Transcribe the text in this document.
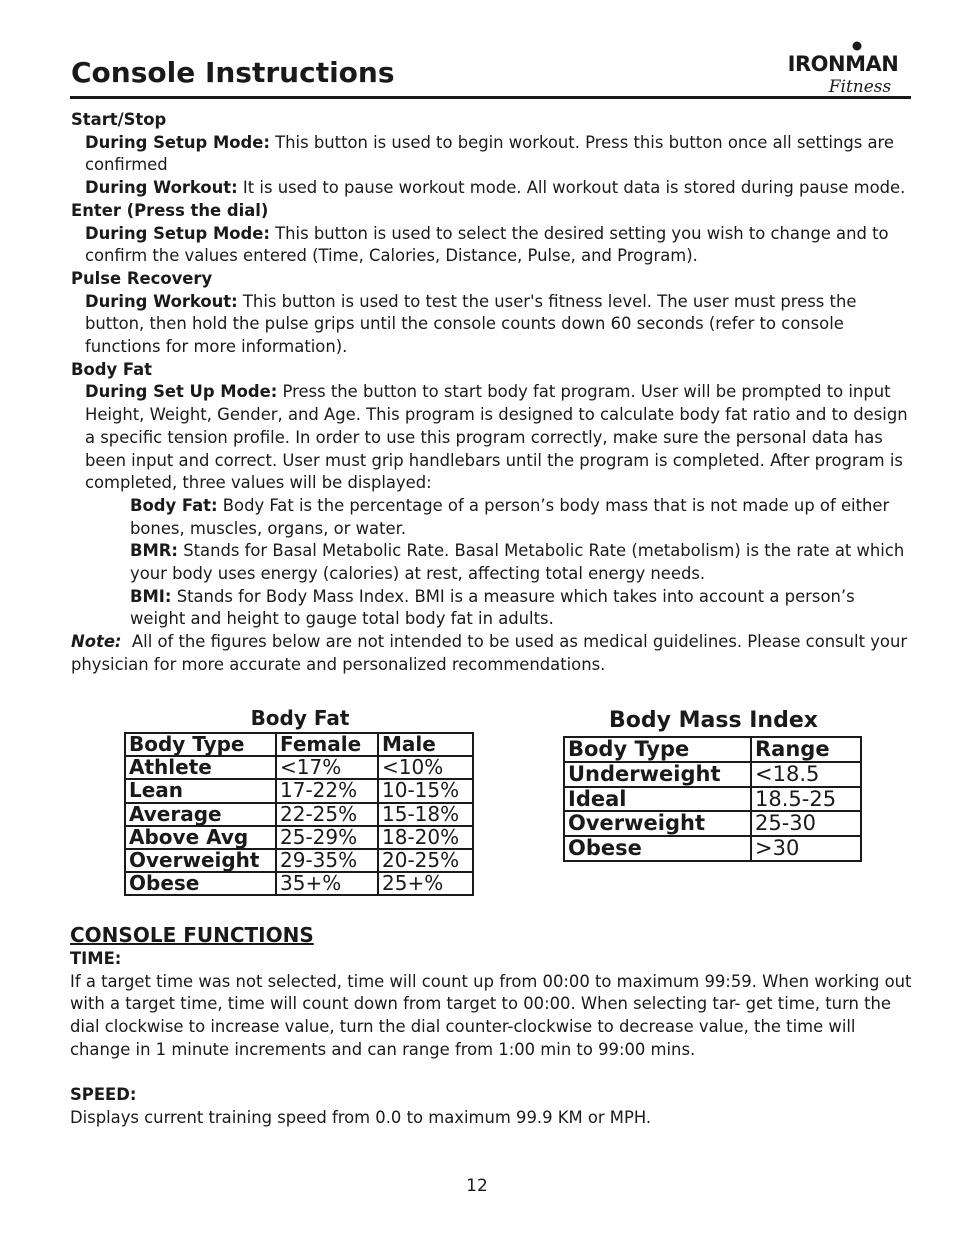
Console Instructions	IRONMAN
Fitness

Start/Stop

During Setup Mode: This button is used to begin workout. Press this button once all settings are confirmed

During Workout: It is used to pause workout mode. All workout data is stored during pause mode.

Enter (Press the dial)

During Setup Mode: This button is used to select the desired setting you wish to change and to confirm the values entered (Time, Calories, Distance, Pulse, and Program).

Pulse Recovery

During Workout: This button is used to test the user's fitness level. The user must press the button, then hold the pulse grips until the console counts down 60 seconds (refer to console functions for more information).

Body Fat

During Set Up Mode: Press the button to start body fat program. User will be prompted to input Height, Weight, Gender, and Age. This program is designed to calculate body fat ratio and to design a specific tension profile. In order to use this program correctly, make sure the personal data has been input and correct. User must grip handlebars until the program is completed. After program is completed, three values will be displayed:

Body Fat: Body Fat is the percentage of a person’s body mass that is not made up of either bones, muscles, organs, or water.

BMR: Stands for Basal Metabolic Rate. Basal Metabolic Rate (metabolism) is the rate at which your body uses energy (calories) at rest, affecting total energy needs.

BMI: Stands for Body Mass Index. BMI is a measure which takes into account a person’s weight and height to gauge total body fat in adults.

Note: All of the figures below are not intended to be used as medical guidelines. Please consult your physician for more accurate and personalized recommendations.

Body Fat
Body Type	Female	Male
Athlete	<17%	<10%
Lean	17-22%	10-15%
Average	22-25%	15-18%
Above Avg	25-29%	18-20%
Overweight	29-35%	20-25%
Obese	35+%	25+%
Body Mass Index
Body Type	Range
Underweight	<18.5
Ideal	18.5-25
Overweight	25-30
Obese	>30

CONSOLE FUNCTIONS

TIME:

If a target time was not selected, time will count up from 00:00 to maximum 99:59. When working out with a target time, time will count down from target to 00:00. When selecting tar- get time, turn the dial clockwise to increase value, turn the dial counter-clockwise to decrease value, the time will change in 1 minute increments and can range from 1:00 min to 99:00 mins.

SPEED:

Displays current training speed from 0.0 to maximum 99.9 KM or MPH.

12
